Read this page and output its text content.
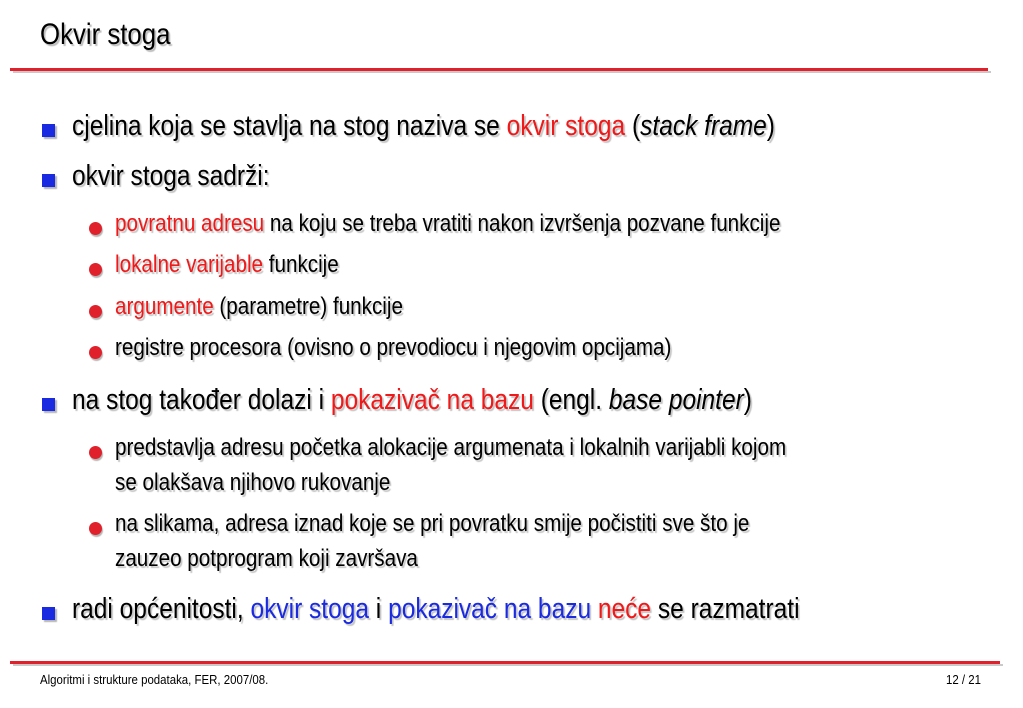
Okvir stoga
cjelina koja se stavlja na stog naziva se okvir stoga (stack frame)
okvir stoga sadrži:
povratnu adresu na koju se treba vratiti nakon izvršenja pozvane funkcije
lokalne varijable funkcije
argumente (parametre) funkcije
registre procesora (ovisno o prevodiocu i njegovim opcijama)
na stog također dolazi i pokazivač na bazu (engl. base pointer)
predstavlja adresu početka alokacije argumenata i lokalnih varijabli kojom
se olakšava njihovo rukovanje
na slikama, adresa iznad koje se pri povratku smije počistiti sve što je
zauzeo potprogram koji završava
radi općenitosti, okvir stoga i pokazivač na bazu neće se razmatrati
Algoritmi i strukture podataka, FER, 2007/08.	12 / 21
